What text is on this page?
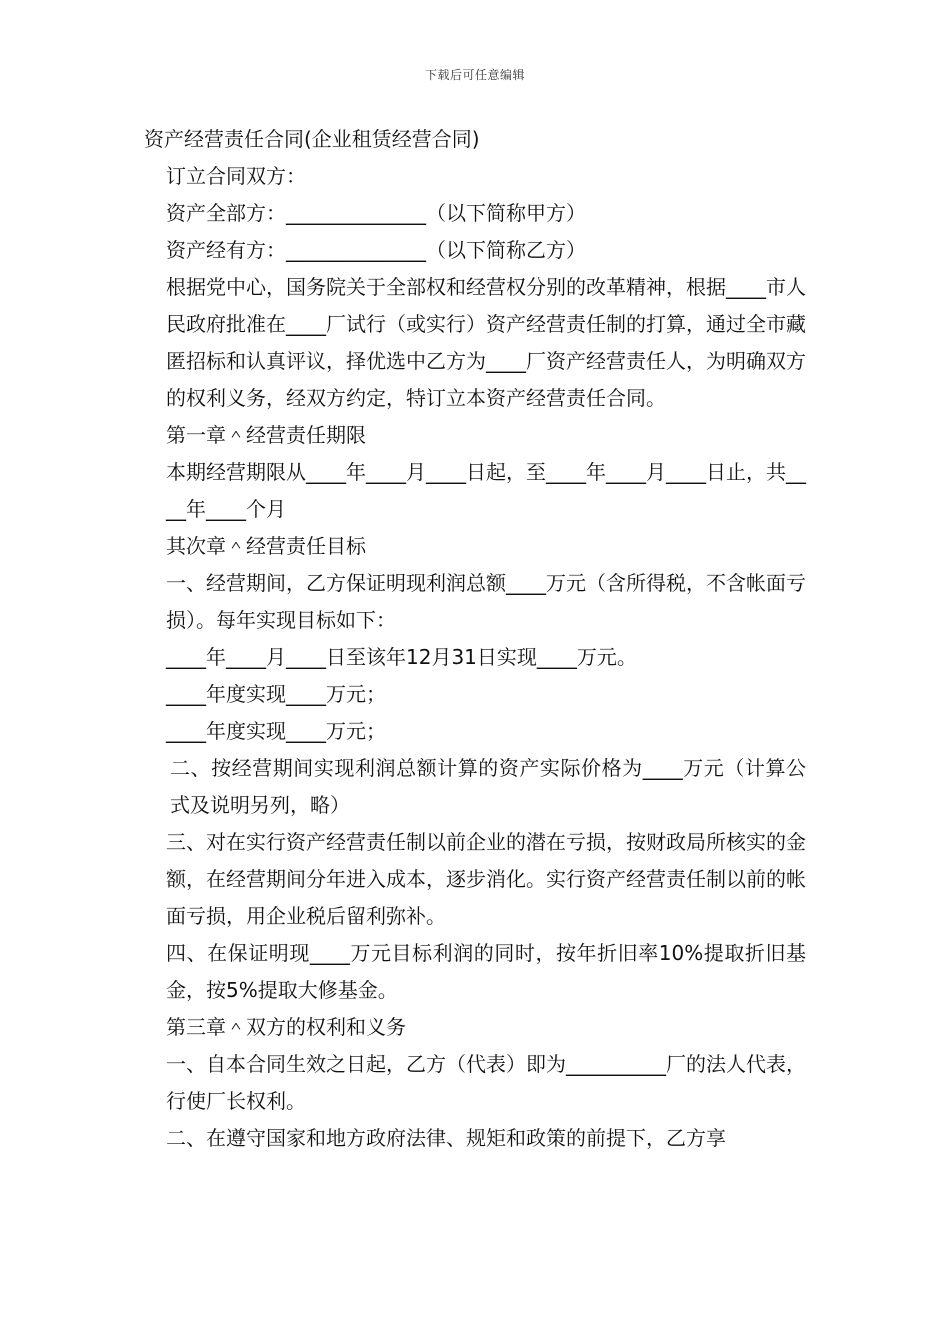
下载后可任意编辑
资产经营责任合同(企业租赁经营合同)
订立合同双方：
资产全部方：______________（以下简称甲方）
资产经有方：______________（以下简称乙方）
根据党中心，国务院关于全部权和经营权分别的改革精神，根据____市人民政府批准在____厂试行（或实行）资产经营责任制的打算，通过全市藏匿招标和认真评议，择优选中乙方为____厂资产经营责任人，为明确双方的权利义务，经双方约定，特订立本资产经营责任合同。
第一章＾经营责任期限
本期经营期限从____年____月____日起，至____年____月____日止，共____年____个月
其次章＾经营责任目标
一、经营期间，乙方保证明现利润总额____万元（含所得税，不含帐面亏损）。每年实现目标如下：
____年____月____日至该年12月31日实现____万元。
____年度实现____万元；
____年度实现____万元；
二、按经营期间实现利润总额计算的资产实际价格为____万元（计算公式及说明另列，略）
三、对在实行资产经营责任制以前企业的潜在亏损，按财政局所核实的金额，在经营期间分年进入成本，逐步消化。实行资产经营责任制以前的帐面亏损，用企业税后留利弥补。
四、在保证明现____万元目标利润的同时，按年折旧率10%提取折旧基金，按5%提取大修基金。
第三章＾双方的权利和义务
一、自本合同生效之日起，乙方（代表）即为__________厂的法人代表，行使厂长权利。
二、在遵守国家和地方政府法律、规矩和政策的前提下，乙方享
